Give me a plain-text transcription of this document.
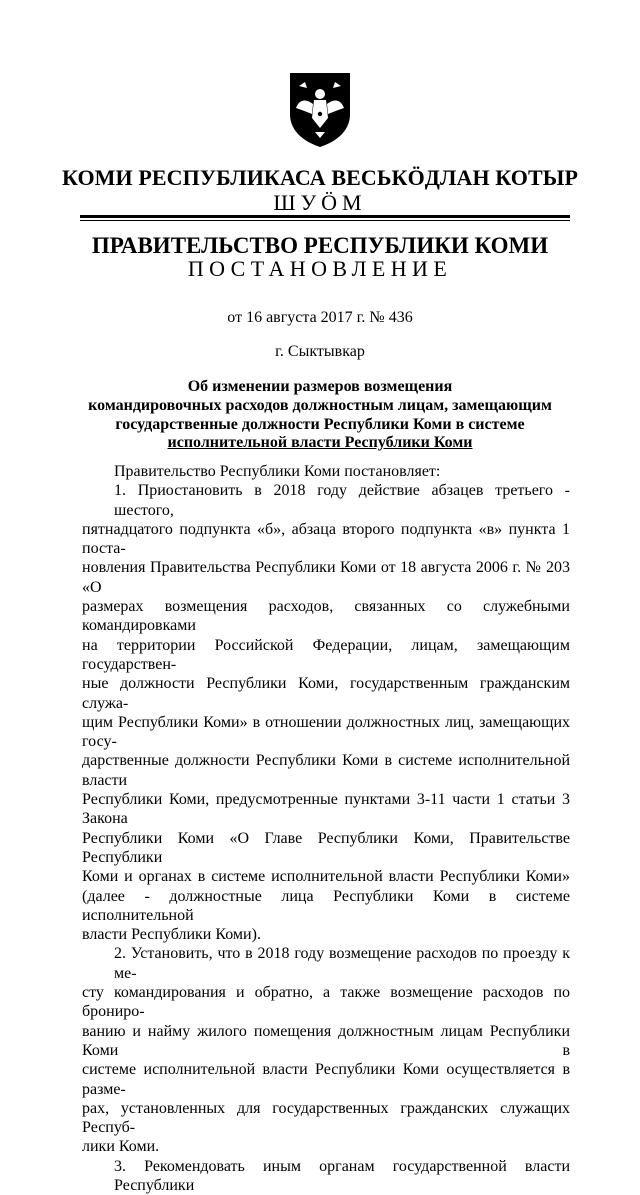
КОМИ РЕСПУБЛИКАСА ВЕСЬКӦДЛАН КОТЫР
ШУӦМ
ПРАВИТЕЛЬСТВО РЕСПУБЛИКИ КОМИ
ПОСТАНОВЛЕНИЕ
от 16 августа 2017 г. № 436
г. Сыктывкар
Об изменении размеров возмещения
командировочных расходов должностным лицам, замещающим
государственные должности Республики Коми в системе
исполнительной власти Республики Коми

Правительство Республики Коми постановляет:

1. Приостановить в 2018 году действие абзацев третьего - шестого,

пятнадцатого подпункта «б», абзаца второго подпункта «в» пункта 1 поста-

новления Правительства Республики Коми от 18 августа 2006 г. № 203 «О

размерах возмещения расходов, связанных со служебными командировками

на территории Российской Федерации, лицам, замещающим государствен-

ные должности Республики Коми, государственным гражданским служа-

щим Республики Коми» в отношении должностных лиц, замещающих госу-

дарственные должности Республики Коми в системе исполнительной власти

Республики Коми, предусмотренные пунктами 3-11 части 1 статьи 3 Закона

Республики Коми «О Главе Республики Коми, Правительстве Республики

Коми и органах в системе исполнительной власти Республики Коми»

(далее - должностные лица Республики Коми в системе исполнительной

власти Республики Коми).

2. Установить, что в 2018 году возмещение расходов по проезду к ме-

сту командирования и обратно, а также возмещение расходов по брониро-

ванию и найму жилого помещения должностным лицам Республики Коми в

системе исполнительной власти Республики Коми осуществляется в разме-

рах, установленных для государственных гражданских служащих Респуб-

лики Коми.

3. Рекомендовать иным органам государственной власти Республики
